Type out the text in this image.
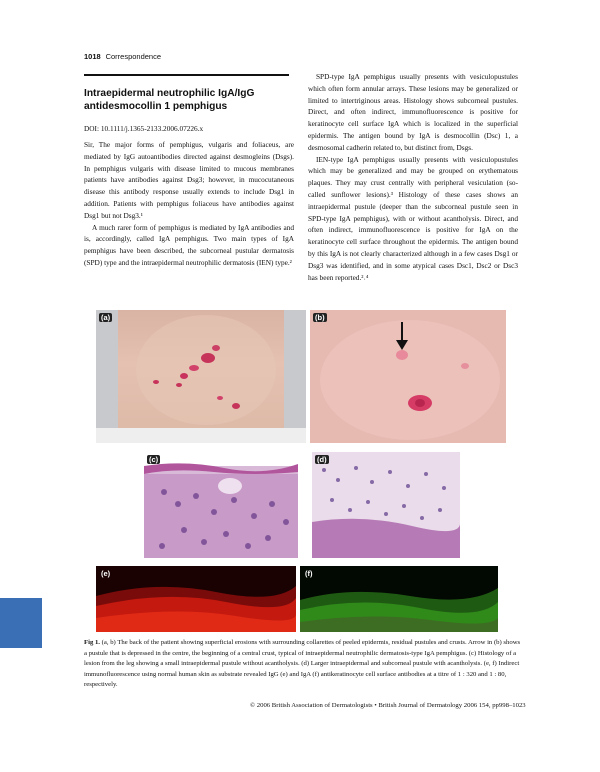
1018 Correspondence
Intraepidermal neutrophilic IgA/IgG antidesmocollin 1 pemphigus
DOI: 10.1111/j.1365-2133.2006.07226.x

Sir, The major forms of pemphigus, vulgaris and foliaceus, are mediated by IgG autoantibodies directed against desmogleins (Dsgs). In pemphigus vulgaris with disease limited to mucous membranes patients have antibodies against Dsg3; however, in mucocutaneous disease this antibody response usually extends to include Dsg1 in addition. Patients with pemphigus foliaceus have antibodies against Dsg1 but not Dsg3.¹

A much rarer form of pemphigus is mediated by IgA antibodies and is, accordingly, called IgA pemphigus. Two main types of IgA pemphigus have been described, the subcorneal pustular dermatosis (SPD) type and the intraepidermal neutrophilic dermatosis (IEN) type.²

SPD-type IgA pemphigus usually presents with vesiculopustules which often form annular arrays. These lesions may be generalized or limited to intertriginous areas. Histology shows subcorneal pustules. Direct, and often indirect, immunofluorescence is positive for keratinocyte cell surface IgA which is localized in the superficial epidermis. The antigen bound by IgA is desmocollin (Dsc) 1, a desmosomal cadherin related to, but distinct from, Dsgs.

IEN-type IgA pemphigus usually presents with vesiculopustules which may be generalized and may be grouped on erythematous plaques. They may crust centrally with peripheral vesiculation (so-called sunflower lesions).³ Histology of these cases shows an intraepidermal pustule (deeper than the subcorneal pustule seen in SPD-type IgA pemphigus), with or without acantholysis. Direct, and often indirect, immunofluorescence is positive for IgA on the keratinocyte cell surface throughout the epidermis. The antigen bound by this IgA is not clearly characterized although in a few cases Dsg1 or Dsg3 was identified, and in some atypical cases Dsc1, Dsc2 or Dsc3 has been reported.²˒⁴

(a)	(b)
(c)	(d)
(e)	(f)
Fig 1. (a, b) The back of the patient showing superficial erosions with surrounding collarettes of peeled epidermis, residual pustules and crusts. Arrow in (b) shows a pustule that is depressed in the centre, the beginning of a central crust, typical of intraepidermal neutrophilic dermatosis-type IgA pemphigus. (c) Histology of a lesion from the leg showing a small intraepidermal pustule without acantholysis. (d) Larger intraepidermal and subcorneal pustule with acantholysis. (e, f) Indirect immunofluorescence using normal human skin as substrate revealed IgG (e) and IgA (f) antikeratinocyte cell surface antibodies at a titre of 1 : 320 and 1 : 80, respectively.
© 2006 British Association of Dermatologists • British Journal of Dermatology 2006 154, pp998–1023
